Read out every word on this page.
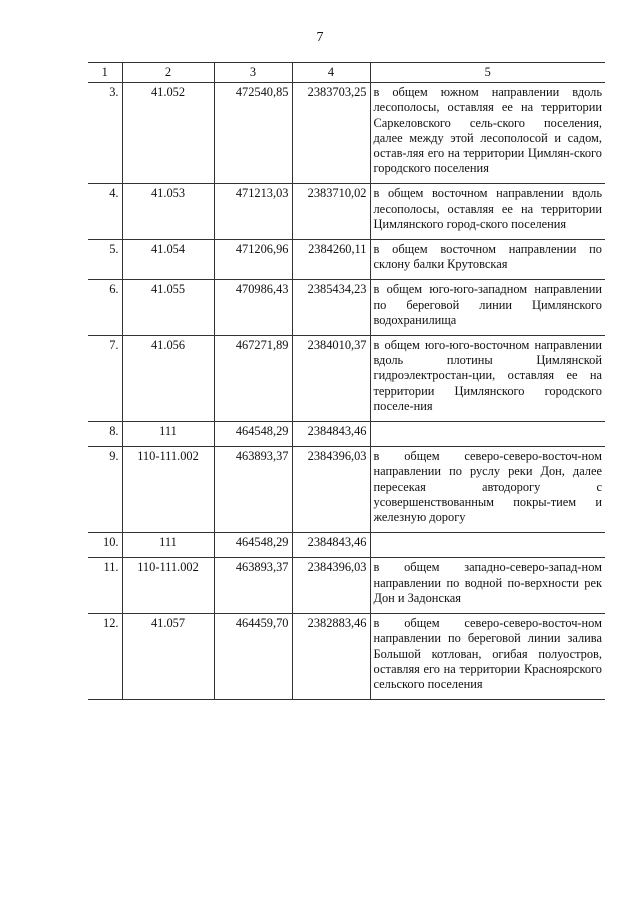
7
1	2	3	4	5
3.	41.052	472540,85	2383703,25	в общем южном направлении вдоль лесополосы, оставляя ее на территории Саркеловского сель-ского поселения, далее между этой лесополосой и садом, остав-ляя его на территории Цимлян-ского городского поселения
4.	41.053	471213,03	2383710,02	в общем восточном направлении вдоль лесополосы, оставляя ее на территории Цимлянского город-ского поселения
5.	41.054	471206,96	2384260,11	в общем восточном направлении по склону балки Крутовская
6.	41.055	470986,43	2385434,23	в общем юго-юго-западном направлении по береговой линии Цимлянского водохранилища
7.	41.056	467271,89	2384010,37	в общем юго-юго-восточном направлении вдоль плотины Цимлянской гидроэлектростан-ции, оставляя ее на территории Цимлянского городского поселе-ния
8.	111	464548,29	2384843,46	
9.	110-111.002	463893,37	2384396,03	в общем северо-северо-восточ-ном направлении по руслу реки Дон, далее пересекая автодорогу с усовершенствованным покры-тием и железную дорогу
10.	111	464548,29	2384843,46	
11.	110-111.002	463893,37	2384396,03	в общем западно-северо-запад-ном направлении по водной по-верхности рек Дон и Задонская
12.	41.057	464459,70	2382883,46	в общем северо-северо-восточ-ном направлении по береговой линии залива Большой котлован, огибая полуостров, оставляя его на территории Красноярского сельского поселения
